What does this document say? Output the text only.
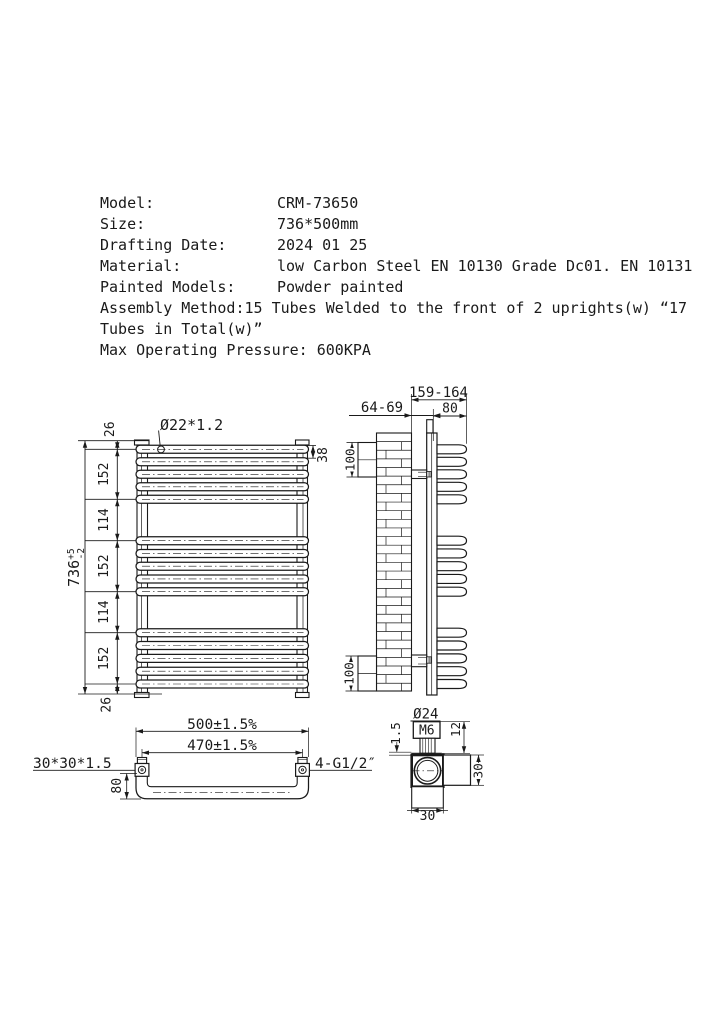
Model:	CRM-73650
Size:	736*500mm
Drafting Date:	2024 01 25
Material:	low Carbon Steel EN 10130 Grade Dc01. EN 10131
Painted Models:	Powder painted
Assembly Method:15 Tubes Welded to the front of 2 uprights(w) “17
Tubes in Total(w)”
Max Operating Pressure: 600KPA
Ø22*1.2
26
152
114
152
114
152
26
$736^{+5}-2$
38
159-164
64-69	80
100
100
500±1.5%
470±1.5%
30*30*1.5	4-G1/2″
80
Ø24
M6
1.5	12
30
30
